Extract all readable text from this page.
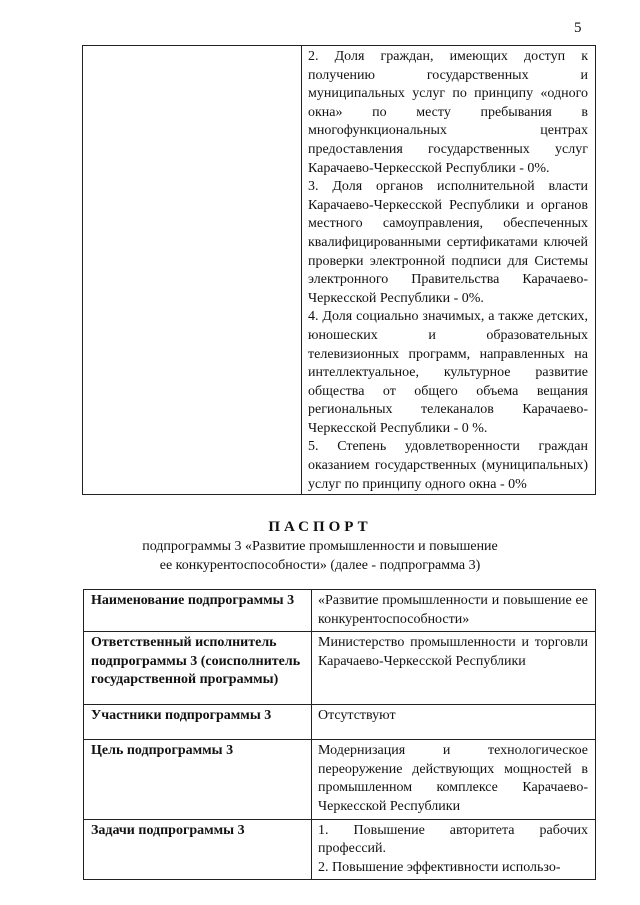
5

2. Доля граждан, имеющих доступ к получению государственных и муниципальных услуг по принципу «одного окна» по месту пребывания в многофункциональных центрах предоставления государственных услуг Карачаево-Черкесской Республики - 0%.
3. Доля органов исполнительной власти Карачаево-Черкесской Республики и органов местного самоуправления, обеспеченных квалифицированными сертификатами ключей проверки электронной подписи для Системы электронного Правительства Карачаево-Черкесской Республики - 0%.
4. Доля социально значимых, а также детских, юношеских и образовательных телевизионных программ, направленных на интеллектуальное, культурное развитие общества от общего объема вещания региональных телеканалов Карачаево-Черкесской Республики - 0 %.
5. Степень удовлетворенности граждан оказанием государственных (муниципальных) услуг по принципу одного окна - 0%
ПАСПОРТ
подпрограммы 3 «Развитие промышленности и повышение
ее конкурентоспособности» (далее - подпрограмма 3)
Наименование подпрограммы 3	«Развитие промышленности и повышение ее конкурентоспособности»
Ответственный исполнитель подпрограммы 3 (соисполнитель государственной программы)	Министерство промышленности и торговли Карачаево-Черкесской Республики
Участники подпрограммы 3	Отсутствуют
Цель подпрограммы 3	Модернизация и технологическое переоружение действующих мощностей в промышленном комплексе Карачаево-Черкесской Республики
Задачи подпрограммы 3	1. Повышение авторитета рабочих профессий.
2. Повышение эффективности использо-
